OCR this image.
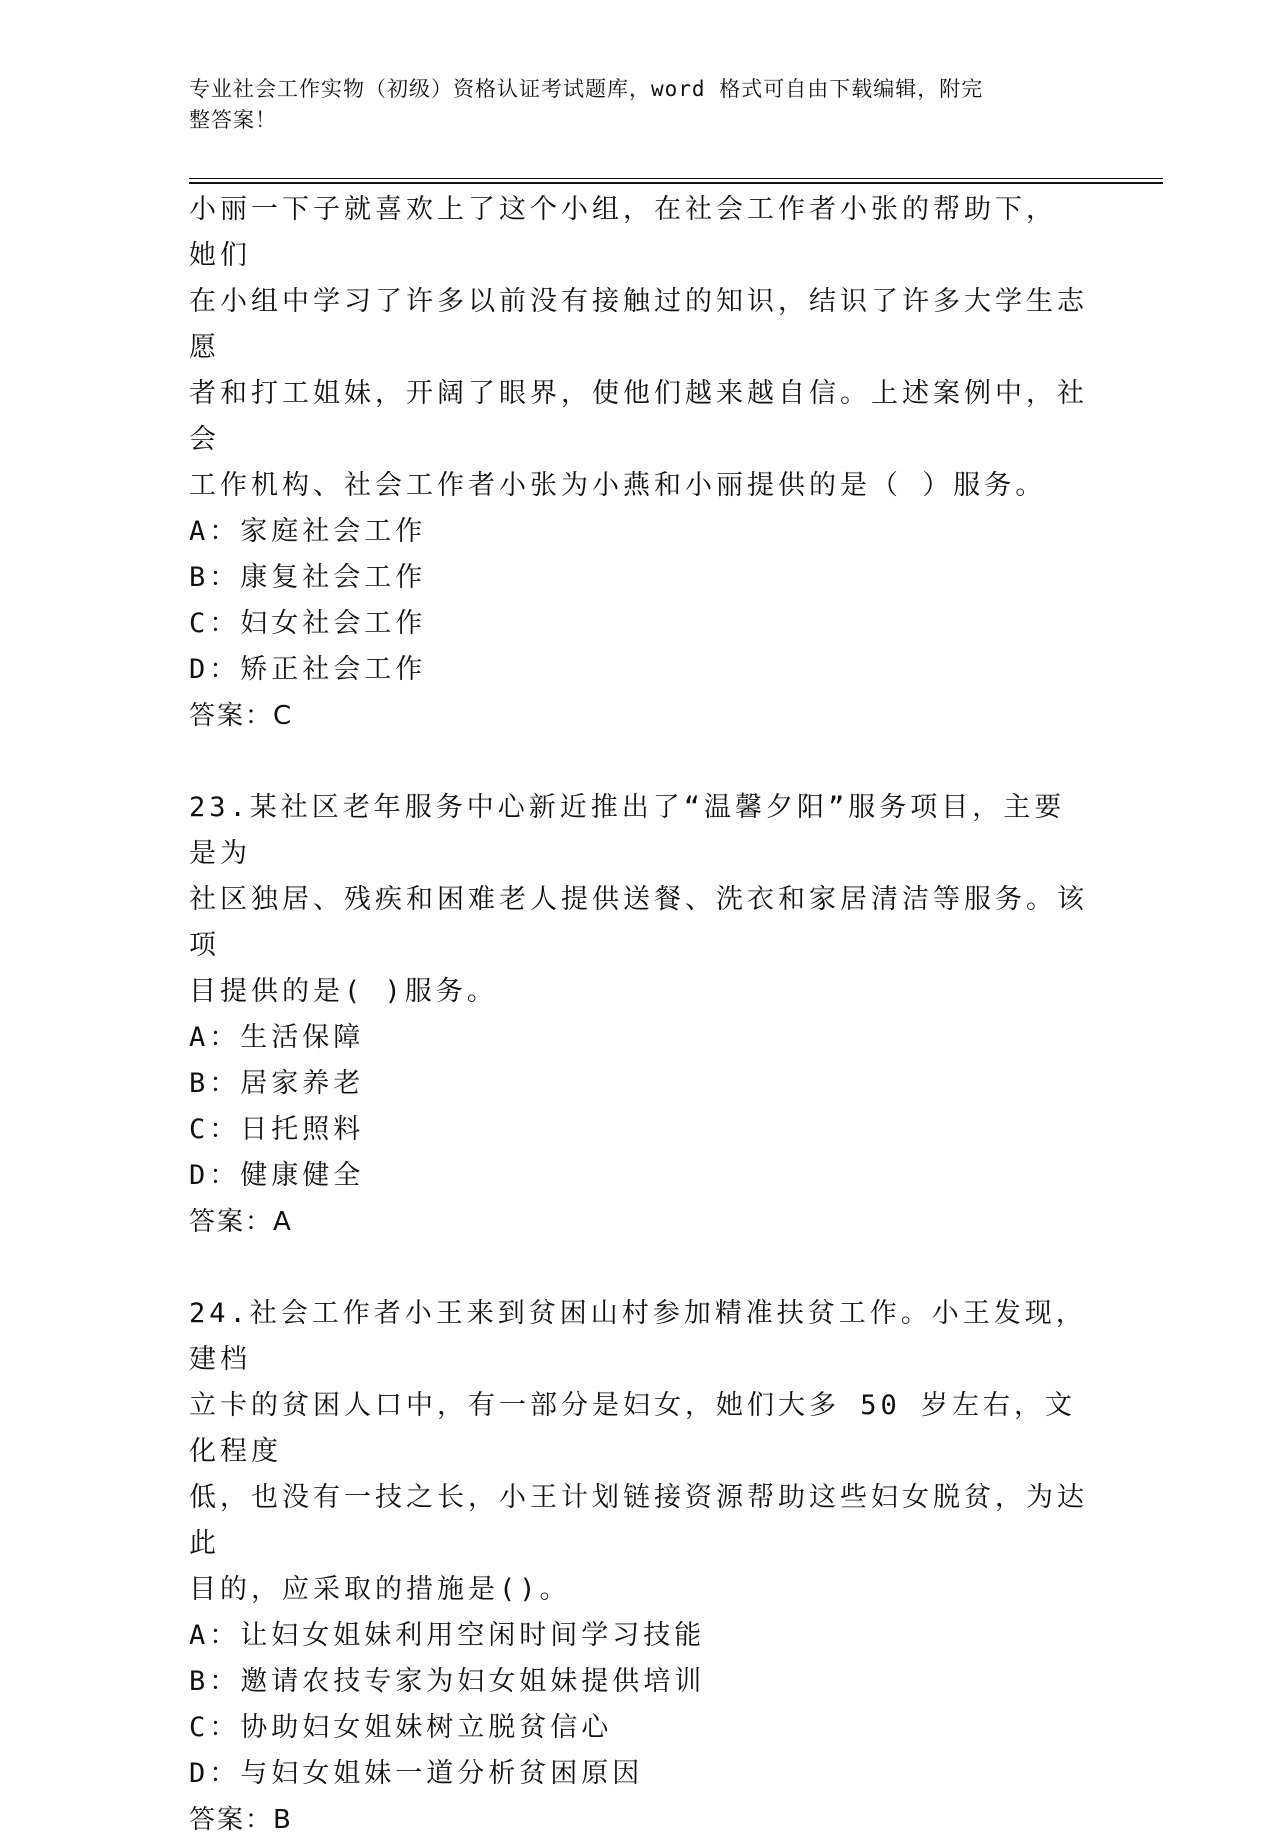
专业社会工作实物（初级）资格认证考试题库，word 格式可自由下载编辑，附完
整答案！

小丽一下子就喜欢上了这个小组，在社会工作者小张的帮助下， 她们

在小组中学习了许多以前没有接触过的知识，结识了许多大学生志愿

者和打工姐妹，开阔了眼界，使他们越来越自信。上述案例中，社会

工作机构、社会工作者小张为小燕和小丽提供的是（ ）服务。

A：家庭社会工作

B：康复社会工作

C：妇女社会工作

D：矫正社会工作

答案：C

23.某社区老年服务中心新近推出了“温馨夕阳”服务项目，主要是为

社区独居、残疾和困难老人提供送餐、洗衣和家居清洁等服务。该项

目提供的是( )服务。

A：生活保障

B：居家养老

C：日托照料

D：健康健全

答案：A

24.社会工作者小王来到贫困山村参加精准扶贫工作。小王发现，建档

立卡的贫困人口中，有一部分是妇女，她们大多 50 岁左右，文化程度

低，也没有一技之长，小王计划链接资源帮助这些妇女脱贫，为达此

目的，应采取的措施是()。

A：让妇女姐妹利用空闲时间学习技能

B：邀请农技专家为妇女姐妹提供培训

C：协助妇女姐妹树立脱贫信心

D：与妇女姐妹一道分析贫困原因

答案：B
